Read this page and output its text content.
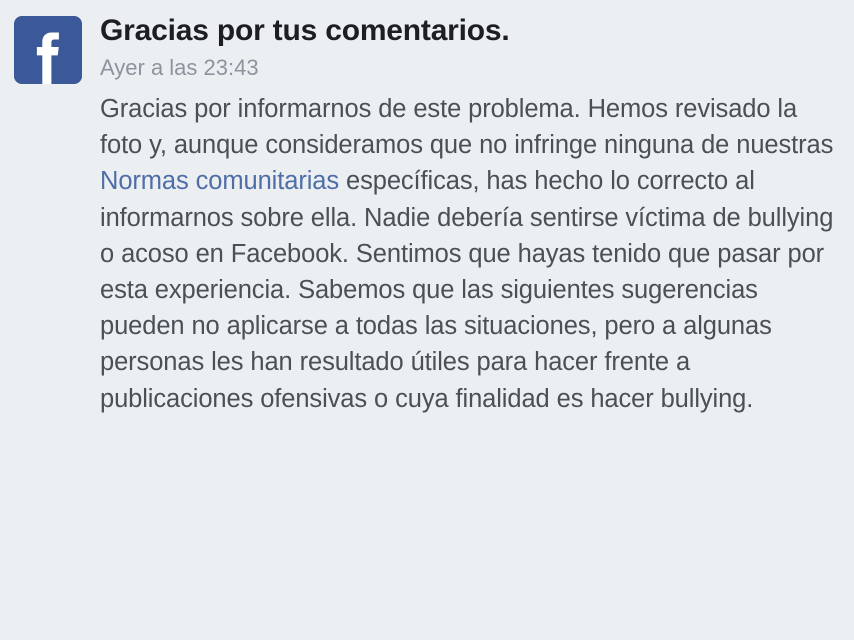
Gracias por tus comentarios.
Ayer a las 23:43

Gracias por informarnos de este problema. Hemos revisado la foto y, aunque consideramos que no infringe ninguna de nuestras Normas comunitarias específicas, has hecho lo correcto al informarnos sobre ella. Nadie debería sentirse víctima de bullying o acoso en Facebook. Sentimos que hayas tenido que pasar por esta experiencia. Sabemos que las siguientes sugerencias pueden no aplicarse a todas las situaciones, pero a algunas personas les han resultado útiles para hacer frente a publicaciones ofensivas o cuya finalidad es hacer bullying.
